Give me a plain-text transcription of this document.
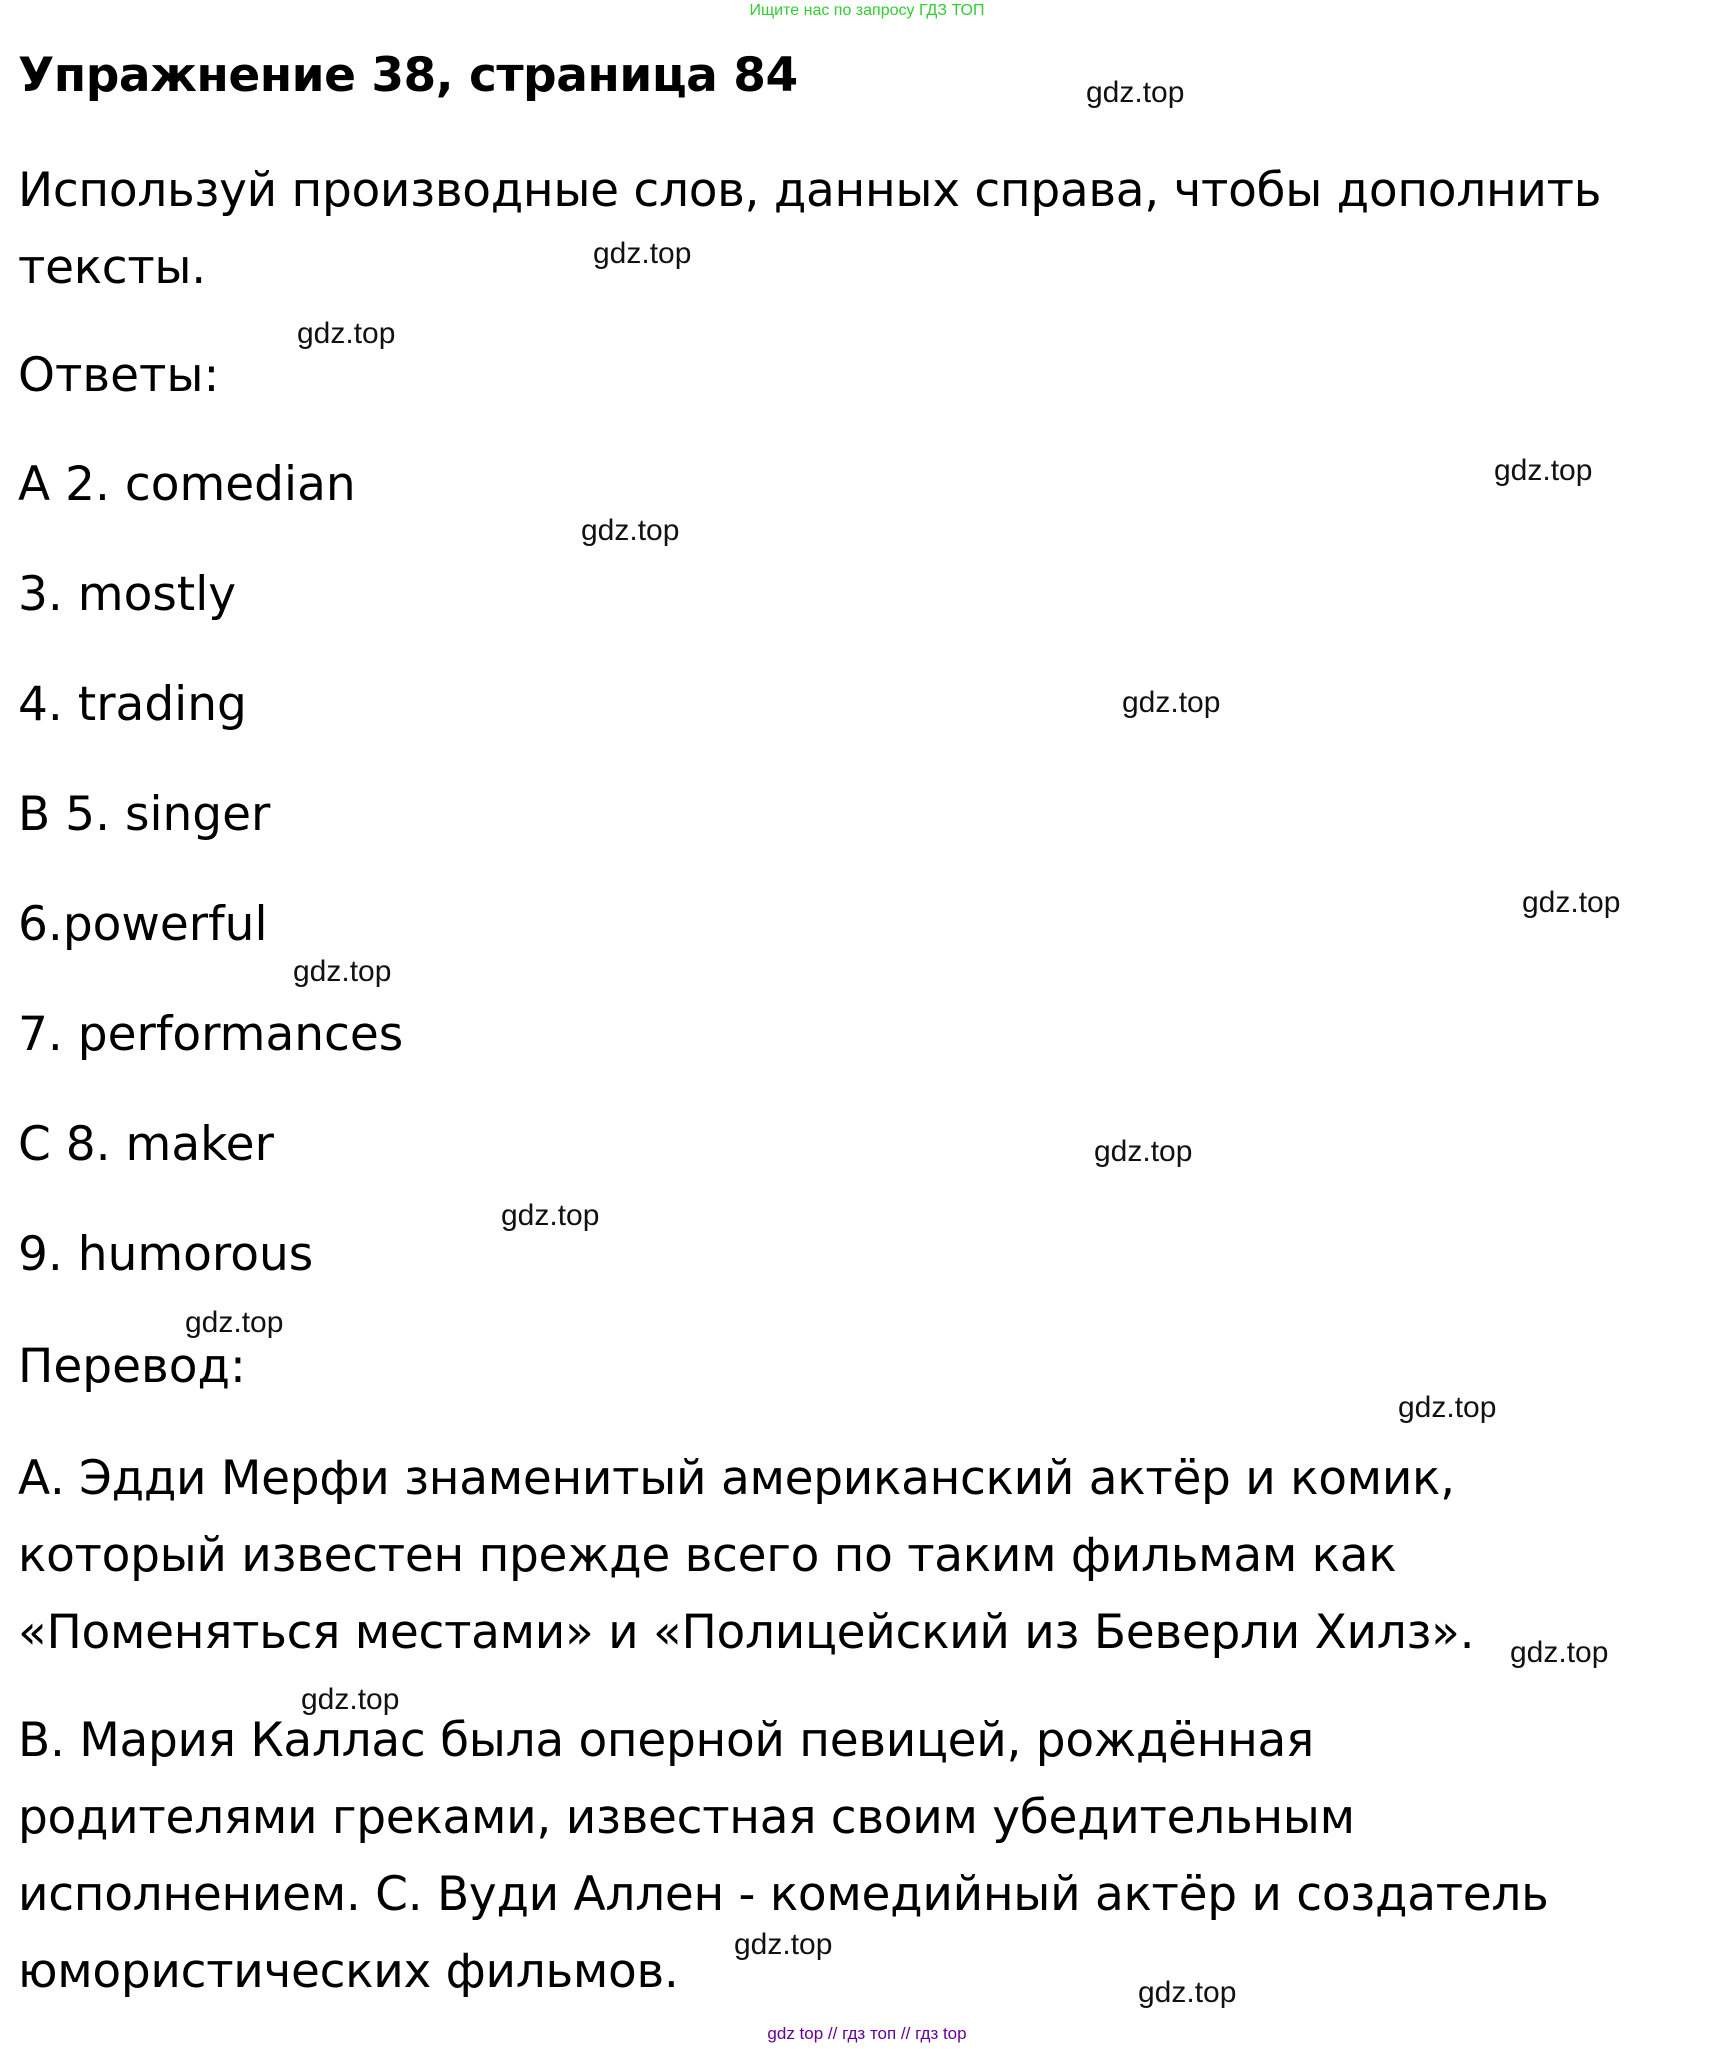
Ищите нас по запросу ГДЗ ТОП
Упражнение 38, страница 84
Используй производные слов, данных справа, чтобы дополнить
тексты.
Ответы:
A 2. comedian
3. mostly
4. trading
B 5. singer
6.powerful
7. performances
C 8. maker
9. humorous
Перевод:
А. Эдди Мерфи знаменитый американский актёр и комик,
который известен прежде всего по таким фильмам как
«Поменяться местами» и «Полицейский из Беверли Хилз».
В. Мария Каллас была оперной певицей, рождённая
родителями греками, известная своим убедительным
исполнением. С. Вуди Аллен - комедийный актёр и создатель
юмористических фильмов.
gdz.top
gdz.top
gdz.top
gdz.top
gdz.top
gdz.top
gdz.top
gdz.top
gdz.top
gdz.top
gdz.top
gdz.top
gdz.top
gdz.top
gdz.top
gdz.top
gdz top // гдз топ // гдз top
